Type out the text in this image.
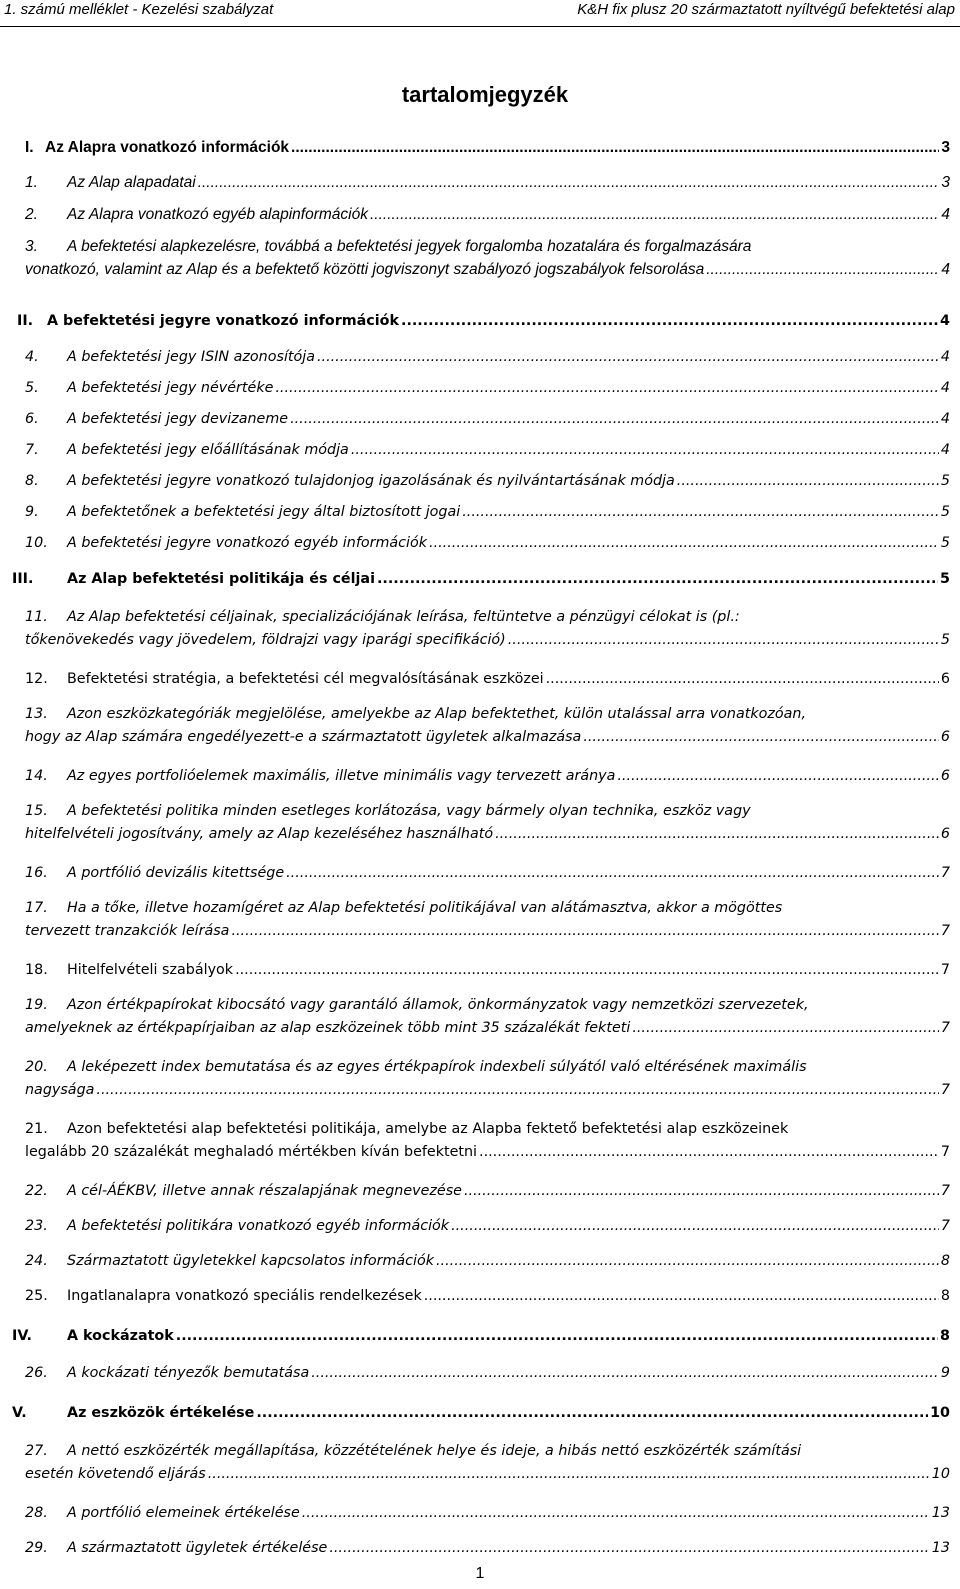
1. számú melléklet - Kezelési szabályzat	K&H fix plusz 20 származtatott nyíltvégű befektetési alap
tartalomjegyzék
I. Az Alapra vonatkozó információk .....	3
1. Az Alap alapadatai .....	3
2. Az Alapra vonatkozó egyéb alapinformációk .....	4
3. A befektetési alapkezelésre, továbbá a befektetési jegyek forgalomba hozatalára és forgalmazására
vonatkozó, valamint az Alap és a befektető közötti jogviszonyt szabályozó jogszabályok felsorolása .....	4
II. A befektetési jegyre vonatkozó információk .....	4
4. A befektetési jegy ISIN azonosítója .....	4
5. A befektetési jegy névértéke .....	4
6. A befektetési jegy devizaneme .....	4
7. A befektetési jegy előállításának módja .....	4
8. A befektetési jegyre vonatkozó tulajdonjog igazolásának és nyilvántartásának módja .....	5
9. A befektetőnek a befektetési jegy által biztosított jogai .....	5
10. A befektetési jegyre vonatkozó egyéb információk .....	5
III. Az Alap befektetési politikája és céljai .....	5
11. Az Alap befektetési céljainak, specializációjának leírása, feltüntetve a pénzügyi célokat is (pl.:
tőkenövekedés vagy jövedelem, földrajzi vagy iparági specifikáció) .....	5
12. Befektetési stratégia, a befektetési cél megvalósításának eszközei .....	6
13. Azon eszközkategóriák megjelölése, amelyekbe az Alap befektethet, külön utalással arra vonatkozóan,
hogy az Alap számára engedélyezett-e a származtatott ügyletek alkalmazása .....	6
14. Az egyes portfolióelemek maximális, illetve minimális vagy tervezett aránya .....	6
15. A befektetési politika minden esetleges korlátozása, vagy bármely olyan technika, eszköz vagy
hitelfelvételi jogosítvány, amely az Alap kezeléséhez használható .....	6
16. A portfólió devizális kitettsége .....	7
17. Ha a tőke, illetve hozamígéret az Alap befektetési politikájával van alátámasztva, akkor a mögöttes
tervezett tranzakciók leírása .....	7
18. Hitelfelvételi szabályok .....	7
19. Azon értékpapírokat kibocsátó vagy garantáló államok, önkormányzatok vagy nemzetközi szervezetek,
amelyeknek az értékpapírjaiban az alap eszközeinek több mint 35 százalékát fekteti .....	7
20. A leképezett index bemutatása és az egyes értékpapírok indexbeli súlyától való eltérésének maximális
nagysága .....	7
21. Azon befektetési alap befektetési politikája, amelybe az Alapba fektető befektetési alap eszközeinek
legalább 20 százalékát meghaladó mértékben kíván befektetni .....	7
22. A cél-ÁÉKBV, illetve annak részalapjának megnevezése .....	7
23. A befektetési politikára vonatkozó egyéb információk .....	7
24. Származtatott ügyletekkel kapcsolatos információk .....	8
25. Ingatlanalapra vonatkozó speciális rendelkezések .....	8
IV. A kockázatok .....	8
26. A kockázati tényezők bemutatása .....	9
V.	Az eszközök értékelése .....	10
27. A nettó eszközérték megállapítása, közzétételének helye és ideje, a hibás nettó eszközérték számítási
esetén követendő eljárás .....	10
28. A portfólió elemeinek értékelése .....	13
29. A származtatott ügyletek értékelése .....	13
1
